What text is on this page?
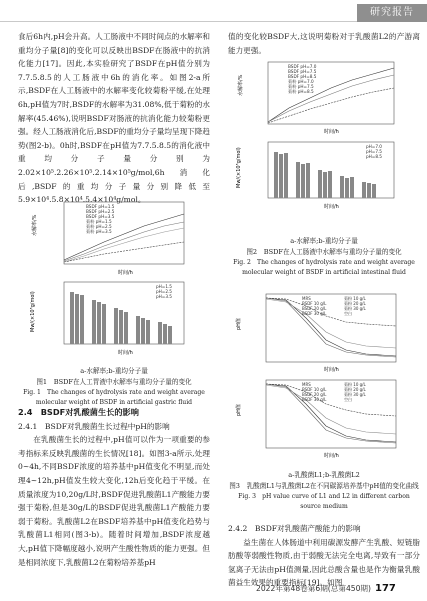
研究报告

食后6h内,pH会升高。人工肠液中不同时间点的水解率和重均分子量[8]的变化可以反映出BSDF在肠液中的抗消化能力[17]。因此,本实验研究了BSDF在pH值分别为7.7.5.8.5的人工肠液中6h的消化率。如图2-a所示,BSDF在人工肠液中的水解率变化较菊粉平缓,在处理6h,pH值为7时,BSDF的水解率为31.08%,低于菊粉的水解率(45.46%),说明BSDF对肠液的抗消化能力较菊粉更强。经人工肠液消化后,BSDF的重均分子量均呈现下降趋势(图2-b)。0h时,BSDF在pH值为7.7.5.8.5的消化液中重均分子量分别为2.02×10⁵.2.26×10⁵.2.14×10⁵g/mol,6h消化后,BSDF的重均分子量分别降低至5.9×10⁴.5.8×10⁴.5.4×10⁴g/mol。

水解率/%
时间/h
BSDF pH=1.5
BSDF pH=2.5
BSDF pH=3.5
菊粉 pH=1.5
菊粉 pH=2.5
菊粉 pH=3.5
Mw/(×10⁵g/mol)
时间/h
pH=1.5
pH=2.5
pH=3.5
a-水解率;b-重均分子量
图1　BSDF在人工胃液中水解率与重均分子量的变化
Fig. 1　The changes of hydrolysis rate and weight average molecular weight of BSDF in artificial gastric fluid

2.4　BSDF对乳酸菌生长的影响

2.4.1　BSDF对乳酸菌生长过程中pH的影响

在乳酸菌生长的过程中,pH值可以作为一项重要的参考指标来反映乳酸菌的生长情况[18]。如图3-a所示,处理0~4h,不同BSDF浓度的培养基中pH值变化不明显,而处理4~12h,pH值发生较大变化,12h后变化趋于平缓。在质量浓度为10,20g/L时,BSDF促进乳酸菌L1产酸能力要强于菊粉,但是30g/L的BSDF促进乳酸菌L1产酸能力要弱于菊粉。乳酸菌L2在BSDF培养基中pH值变化趋势与乳酸菌L1相同(图3-b)。随着时间增加,BSDF浓度越大,pH值下降幅度越小,说明产生酸性物质的能力更强。但是相同浓度下,乳酸菌L2在菊粉培养基pH

值的变化较BSDF大,这说明菊粉对于乳酸菌L2的产游离能力更强。

水解率/%
时间/h
BSDF pH=7.0
BSDF pH=7.5
BSDF pH=8.5
菊粉 pH=7.0
菊粉 pH=7.5
菊粉 pH=8.5
Mw/(×10⁵g/mol)
时间/h
pH=7.0
pH=7.5
pH=8.5
a-水解率;b-重均分子量
图2　BSDF在人工肠液中水解率与重均分子量的变化
Fig. 2　The changes of hydrolysis rate and weight average molecular weight of BSDF in artificial intestinal fluid
pH值
时间/h
MRS
BSDF 10 g/L
BSDF 20 g/L
BSDF 30 g/L
菊粉 10 g/L
菊粉 20 g/L
菊粉 30 g/L
空白
pH值
时间/h
MRS
BSDF 10 g/L
BSDF 20 g/L
BSDF 30 g/L
菊粉 10 g/L
菊粉 20 g/L
菊粉 30 g/L
空白
a-乳酸菌L1;b-乳酸菌L2
图3　乳酸菌L1与乳酸菌L2在不同碳源培养基中pH值的变化曲线
Fig. 3　pH value curve of L1 and L2 in different carbon source medium

2.4.2　BSDF对乳酸菌产酸能力的影响

益生菌在人体肠道中利用碳源发酵产生乳酸、短链脂肪酸等弱酸性物质,由于弱酸无法完全电离,导致有一部分氢离子无法由pH值测量,因此总酸含量也是作为衡量乳酸菌益生效果的重要指标[19]。如图

2022年第48卷第6期(总第450期) 177
